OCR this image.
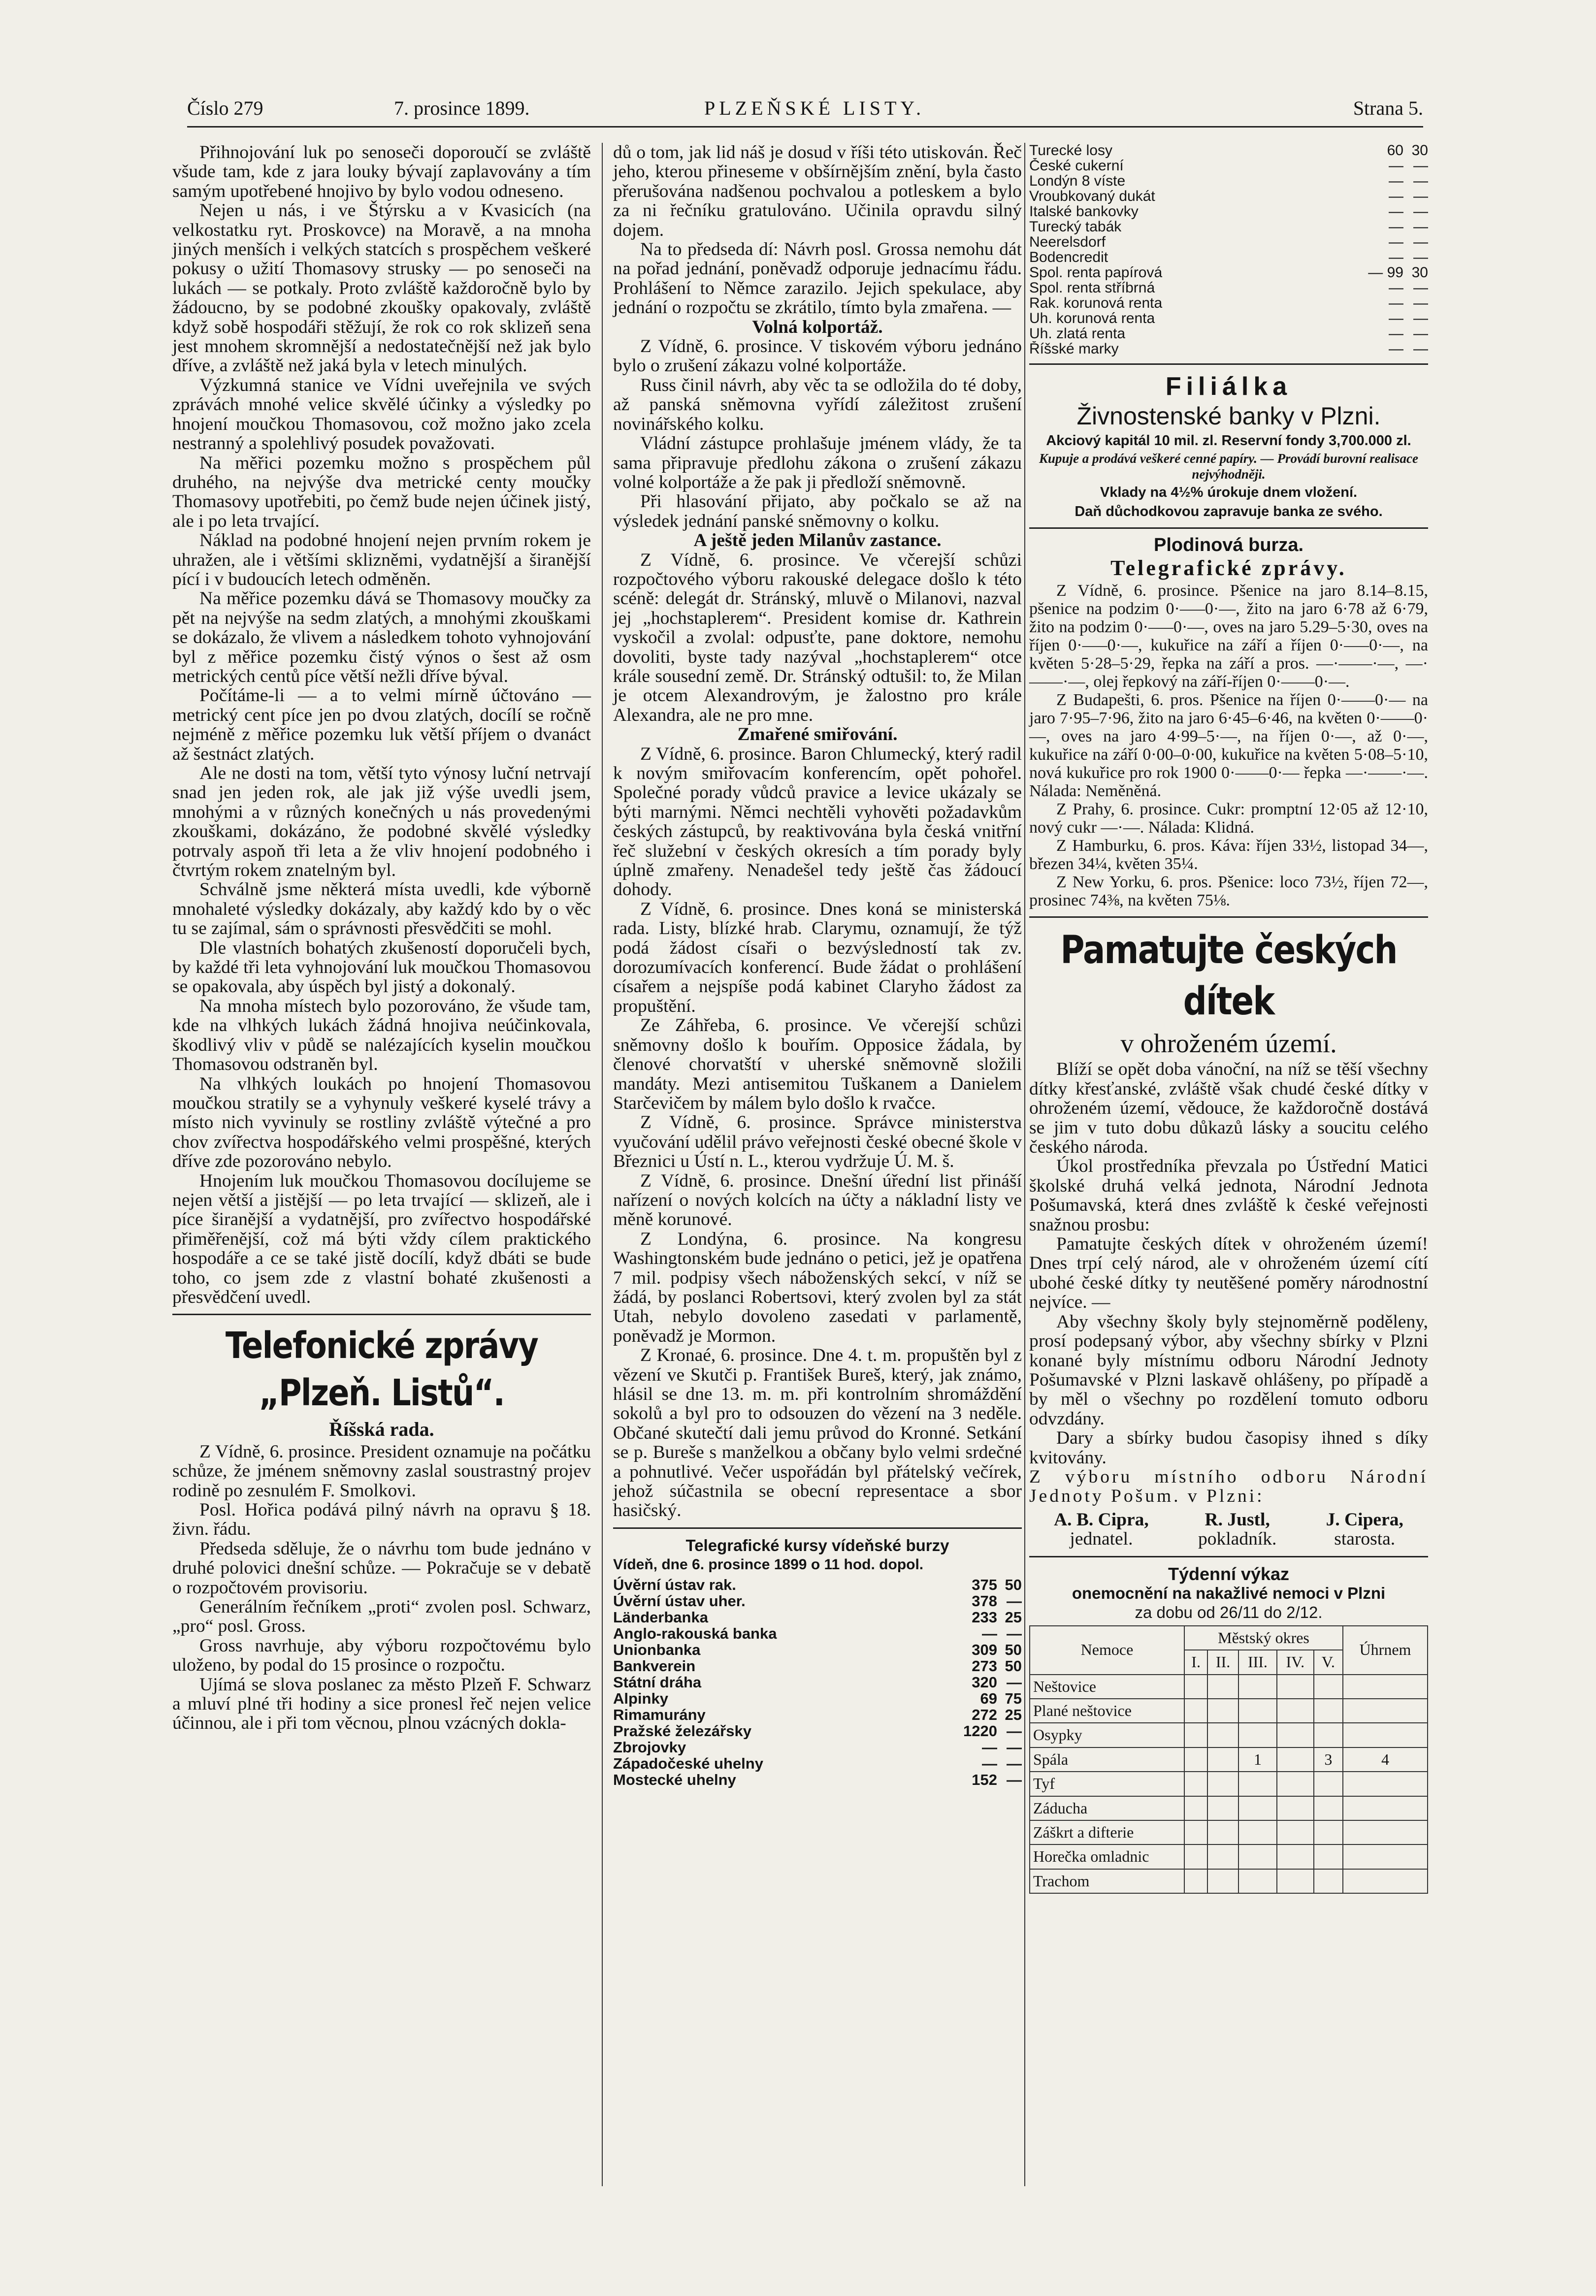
Číslo 279	7. prosince 1899.	PLZEŇSKÉ LISTY.	Strana 5.

Přihnojování luk po senoseči doporoučí se zvláště všude tam, kde z jara louky bývají zaplavovány a tím samým upotřebené hnojivo by bylo vodou odneseno.

Nejen u nás, i ve Štýrsku a v Kvasicích (na velkostatku ryt. Proskovce) na Moravě, a na mnoha jiných menších i velkých statcích s prospěchem veškeré pokusy o užití Thomasovy strusky — po senoseči na lukách — se potkaly. Proto zvláště každoročně bylo by žádoucno, by se podobné zkoušky opakovaly, zvláště když sobě hospodáři stěžují, že rok co rok sklizeň sena jest mnohem skromnější a nedostatečnější než jak bylo dříve, a zvláště než jaká byla v letech minulých.

Výzkumná stanice ve Vídni uveřejnila ve svých zprávách mnohé velice skvělé účinky a výsledky po hnojení moučkou Thomasovou, což možno jako zcela nestranný a spolehlivý posudek považovati.

Na měřici pozemku možno s prospěchem půl druhého, na nejvýše dva metrické centy moučky Thomasovy upotřebiti, po čemž bude nejen účinek jistý, ale i po leta trvající.

Náklad na podobné hnojení nejen prvním rokem je uhražen, ale i většími sklizněmi, vydatnější a širanější pící i v budoucích letech odměněn.

Na měřice pozemku dává se Thomasovy moučky za pět na nejvýše na sedm zlatých, a mnohými zkouškami se dokázalo, že vlivem a následkem tohoto vyhnojování byl z měřice pozemku čistý výnos o šest až osm metrických centů píce větší nežli dříve býval.

Počítáme-li — a to velmi mírně účtováno — metrický cent píce jen po dvou zlatých, docílí se ročně nejméně z měřice pozemku luk větší příjem o dvanáct až šestnáct zlatých.

Ale ne dosti na tom, větší tyto výnosy luční netrvají snad jen jeden rok, ale jak již výše uvedli jsem, mnohými a v různých konečných u nás provedenými zkouškami, dokázáno, že podobné skvělé výsledky potrvaly aspoň tři leta a že vliv hnojení podobného i čtvrtým rokem znatelným byl.

Schválně jsme některá místa uvedli, kde výborně mnohaleté výsledky dokázaly, aby každý kdo by o věc tu se zajímal, sám o správnosti přesvědčiti se mohl.

Dle vlastních bohatých zkušeností doporučeli bych, by každé tři leta vyhnojování luk moučkou Thomasovou se opakovala, aby úspěch byl jistý a dokonalý.

Na mnoha místech bylo pozorováno, že všude tam, kde na vlhkých lukách žádná hnojiva neúčinkovala, škodlivý vliv v půdě se nalézajících kyselin moučkou Thomasovou odstraněn byl.

Na vlhkých loukách po hnojení Thomasovou moučkou stratily se a vyhynuly veškeré kyselé trávy a místo nich vyvinuly se rostliny zvláště výtečné a pro chov zvířectva hospodářského velmi prospěšné, kterých dříve zde pozorováno nebylo.

Hnojením luk moučkou Thomasovou docílujeme se nejen větší a jistější — po leta trvající — sklizeň, ale i píce širanější a vydatnější, pro zvířectvo hospodářské přiměřenější, což má býti vždy cílem praktického hospodáře a ce se také jistě docílí, když dbáti se bude toho, co jsem zde z vlastní bohaté zkušenosti a přesvědčení uvedl.

Telefonické zprávy „Plzeň. Listů“.
Říšská rada.

Z Vídně, 6. prosince. President oznamuje na počátku schůze, že jménem sněmovny zaslal soustrastný projev rodině po zesnulém F. Smolkovi.

Posl. Hořica podává pilný návrh na opravu § 18. živn. řádu.

Předseda sděluje, že o návrhu tom bude jednáno v druhé polovici dnešní schůze. — Pokračuje se v debatě o rozpočtovém provisoriu.

Generálním řečníkem „proti“ zvolen posl. Schwarz, „pro“ posl. Gross.

Gross navrhuje, aby výboru rozpočtovému bylo uloženo, by podal do 15 prosince o rozpočtu.

Ujímá se slova poslanec za město Plzeň F. Schwarz a mluví plné tři hodiny a sice pronesl řeč nejen velice účinnou, ale i při tom věcnou, plnou vzácných dokla-

dů o tom, jak lid náš je dosud v říši této utiskován. Řeč jeho, kterou přineseme v obšírnějším znění, byla často přerušována nadšenou pochvalou a potleskem a bylo za ni řečníku gratulováno. Učinila opravdu silný dojem.

Na to předseda dí: Návrh posl. Grossa nemohu dát na pořad jednání, poněvadž odporuje jednacímu řádu. Prohlášení to Němce zarazilo. Jejich spekulace, aby jednání o rozpočtu se zkrátilo, tímto byla zmařena. —

Volná kolportáž.

Z Vídně, 6. prosince. V tiskovém výboru jednáno bylo o zrušení zákazu volné kolportáže.

Russ činil návrh, aby věc ta se odložila do té doby, až panská sněmovna vyřídí záležitost zrušení novinářského kolku.

Vládní zástupce prohlašuje jménem vlády, že ta sama připravuje předlohu zákona o zrušení zákazu volné kolportáže a že pak ji předloží sněmovně.

Při hlasování přijato, aby počkalo se až na výsledek jednání panské sněmovny o kolku.

A ještě jeden Milanův zastance.

Z Vídně, 6. prosince. Ve včerejší schůzi rozpočtového výboru rakouské delegace došlo k této scéně: delegát dr. Stránský, mluvě o Milanovi, nazval jej „hochstaplerem“. President komise dr. Kathrein vyskočil a zvolal: odpusťte, pane doktore, nemohu dovoliti, byste tady nazýval „hochstaplerem“ otce krále sousední země. Dr. Stránský odtušil: to, že Milan je otcem Alexandrovým, je žalostno pro krále Alexandra, ale ne pro mne.

Zmařené smiřování.

Z Vídně, 6. prosince. Baron Chlumecký, který radil k novým smiřovacím konferencím, opět pohořel. Společné porady vůdců pravice a levice ukázaly se býti marnými. Němci nechtěli vyhověti požadavkům českých zástupců, by reaktivována byla česká vnitřní řeč služební v českých okresích a tím porady byly úplně zmařeny. Nenadešel tedy ještě čas žádoucí dohody.

Z Vídně, 6. prosince. Dnes koná se ministerská rada. Listy, blízké hrab. Clarymu, oznamují, že týž podá žádost císaři o bezvýsledností tak zv. dorozumívacích konferencí. Bude žádat o prohlášení císařem a nejspíše podá kabinet Claryho žádost za propuštění.

Ze Záhřeba, 6. prosince. Ve včerejší schůzi sněmovny došlo k bouřím. Opposice žádala, by členové chorvatští v uherské sněmovně složili mandáty. Mezi antisemitou Tuškanem a Danielem Starčevičem by málem bylo došlo k rvačce.

Z Vídně, 6. prosince. Správce ministerstva vyučování udělil právo veřejnosti české obecné škole v Březnici u Ústí n. L., kterou vydržuje Ú. M. š.

Z Vídně, 6. prosince. Dnešní úřední list přináší nařízení o nových kolcích na účty a nákladní listy ve měně korunové.

Z Londýna, 6. prosince. Na kongresu Washingtonském bude jednáno o petici, jež je opatřena 7 mil. podpisy všech náboženských sekcí, v níž se žádá, by poslanci Robertsovi, který zvolen byl za stát Utah, nebylo dovoleno zasedati v parlamentě, poněvadž je Mormon.

Z Kronaé, 6. prosince. Dne 4. t. m. propuštěn byl z vězení ve Skutči p. František Bureš, který, jak známo, hlásil se dne 13. m. m. při kontrolním shromáždění sokolů a byl pro to odsouzen do vězení na 3 neděle. Občané skutečtí dali jemu průvod do Kronné. Setkání se p. Bureše s manželkou a občany bylo velmi srdečné a pohnutlivé. Večer uspořádán byl přátelský večírek, jehož súčastnila se obecní representace a sbor hasičský.

Telegrafické kursy vídeňské burzy
Vídeň, dne 6. prosince 1899 o 11 hod. dopol.
Úvěrní ústav rak.	375 50
Úvěrní ústav uher.	378 —
Länderbanka	233 25
Anglo-rakouská banka	— —
Unionbanka	309 50
Bankverein	273 50
Státní dráha	320 —
Alpinky	69 75
Rimamurány	272 25
Pražské železářsky	1220 —
Zbrojovky	— —
Západočeské uhelny	— —
Mostecké uhelny	152 —
Turecké losy	60 30
České cukerní	— —
Londýn 8 víste	— —
Vroubkovaný dukát	— —
Italské bankovky	— —
Turecký tabák	— —
Neerelsdorf	— —
Bodencredit	— —
Spol. renta papírová	— 99 30
Spol. renta stříbrná	— —
Rak. korunová renta	— —
Uh. korunová renta	— —
Uh. zlatá renta	— —
Říšské marky	— —
Filiálka
Živnostenské banky v Plzni.
Akciový kapitál 10 mil. zl. Reservní fondy 3,700.000 zl.
Kupuje a prodává veškeré cenné papíry. — Provádí burovní realisace nejvýhodněji.
Vklady na 4½% úrokuje dnem vložení.
Daň důchodkovou zapravuje banka ze svého.
Plodinová burza.
Telegrafické zprávy.

Z Vídně, 6. prosince. Pšenice na jaro 8.14–8.15, pšenice na podzim 0·—–0·—, žito na jaro 6·78 až 6·79, žito na podzim 0·—–0·—, oves na jaro 5.29–5·30, oves na říjen 0·—–0·—, kukuřice na září a říjen 0·—–0·—, na květen 5·28–5·29, řepka na září a pros. —·——·—, —·——·—, olej řepkový na září-říjen 0·——0·—.

Z Budapešti, 6. pros. Pšenice na říjen 0·——0·— na jaro 7·95–7·96, žito na jaro 6·45–6·46, na květen 0·——0·—, oves na jaro 4·99–5·—, na říjen 0·—, až 0·—, kukuřice na září 0·00–0·00, kukuřice na květen 5·08–5·10, nová kukuřice pro rok 1900 0·——0·— řepka —·——·—. Nálada: Neměněná.

Z Prahy, 6. prosince. Cukr: promptní 12·05 až 12·10, nový cukr —·—. Nálada: Klidná.

Z Hamburku, 6. pros. Káva: říjen 33½, listopad 34—, březen 34¼, květen 35¼.

Z New Yorku, 6. pros. Pšenice: loco 73½, říjen 72—, prosinec 74⅜, na květen 75⅛.

Pamatujte českých dítek
v ohroženém území.

Blíží se opět doba vánoční, na níž se těší všechny dítky křesťanské, zvláště však chudé české dítky v ohroženém území, vědouce, že každoročně dostává se jim v tuto dobu důkazů lásky a soucitu celého českého národa.

Úkol prostředníka převzala po Ústřední Matici školské druhá velká jednota, Národní Jednota Pošumavská, která dnes zvláště k české veřejnosti snažnou prosbu:

Pamatujte českých dítek v ohroženém území! Dnes trpí celý národ, ale v ohroženém území cítí ubohé české dítky ty neutěšené poměry národnostní nejvíce. —

Aby všechny školy byly stejnoměrně poděleny, prosí podepsaný výbor, aby všechny sbírky v Plzni konané byly místnímu odboru Národní Jednoty Pošumavské v Plzni laskavě ohlášeny, po případě a by měl o všechny po rozdělení tomuto odboru odvzdány.

Dary a sbírky budou časopisy ihned s díky kvitovány.

Z výboru místního odboru Národní Jednoty Pošum. v Plzni:

A. B. Cipra,
jednatel.
R. Justl,
pokladník.
J. Cipera,
starosta.
Týdenní výkaz
onemocnění na nakažlivé nemoci v Plzni
za dobu od 26/11 do 2/12.
Nemoce	Městský okres					Úhrnem
	I.	II.	III.	IV.	V.	
Neštovice						
Plané neštovice						
Osypky						
Spála			1		3	4
Tyf						
Záducha						
Záškrt a difterie						
Horečka omladnic						
Trachom						
